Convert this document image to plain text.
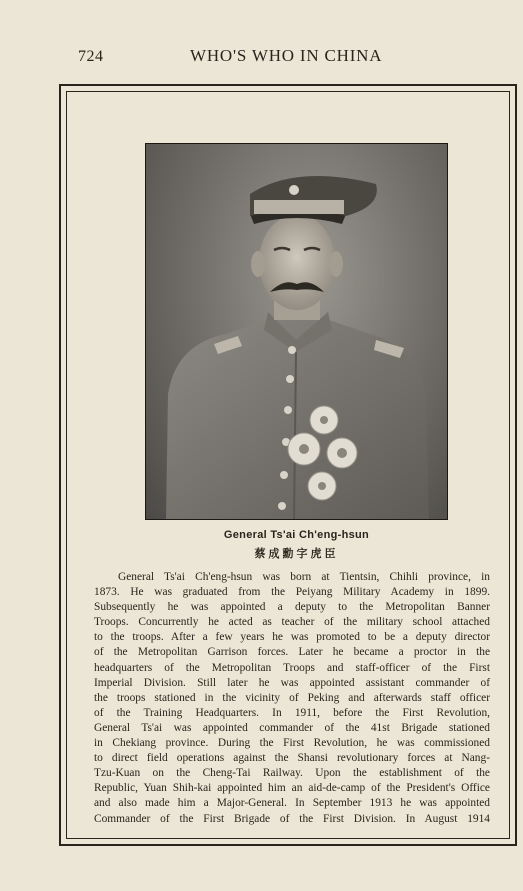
724	WHO'S WHO IN CHINA
General Ts'ai Ch'eng-hsun
蔡成勳字虎臣
General Ts'ai Ch'eng-hsun was born at Tientsin, Chihli province, in
1873. He was graduated from the Peiyang Military Academy in 1899.
Subsequently he was appointed a deputy to the Metropolitan Banner
Troops. Concurrently he acted as teacher of the military school attached
to the troops. After a few years he was promoted to be a deputy director
of the Metropolitan Garrison forces. Later he became a proctor in the
headquarters of the Metropolitan Troops and staff-officer of the First
Imperial Division. Still later he was appointed assistant commander of
the troops stationed in the vicinity of Peking and afterwards staff officer
of the Training Headquarters. In 1911, before the First Revolution,
General Ts'ai was appointed commander of the 41st Brigade stationed
in Chekiang province. During the First Revolution, he was commissioned
to direct field operations against the Shansi revolutionary forces at Nang-
Tzu-Kuan on the Cheng-Tai Railway. Upon the establishment of the
Republic, Yuan Shih-kai appointed him an aid-de-camp of the President's Office
and also made him a Major-General. In September 1913 he was appointed
Commander of the First Brigade of the First Division. In August 1914
